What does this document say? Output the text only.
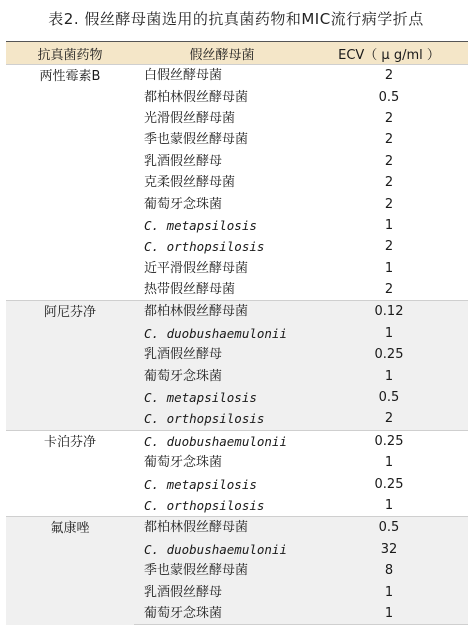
表2. 假丝酵母菌选用的抗真菌药物和MIC流行病学折点
抗真菌药物	假丝酵母菌	ECV（ μ g/ml ）
两性霉素B	白假丝酵母菌	2
	都柏林假丝酵母菌	0.5
	光滑假丝酵母菌	2
	季也蒙假丝酵母菌	2
	乳酒假丝酵母	2
	克柔假丝酵母菌	2
	葡萄牙念珠菌	2
	C. metapsilosis	1
	C. orthopsilosis	2
	近平滑假丝酵母菌	1
	热带假丝酵母菌	2
阿尼芬净	都柏林假丝酵母菌	0.12
	C. duobushaemulonii	1
	乳酒假丝酵母	0.25
	葡萄牙念珠菌	1
	C. metapsilosis	0.5
	C. orthopsilosis	2
卡泊芬净	C. duobushaemulonii	0.25
	葡萄牙念珠菌	1
	C. metapsilosis	0.25
	C. orthopsilosis	1
氟康唑	都柏林假丝酵母菌	0.5
	C. duobushaemulonii	32
	季也蒙假丝酵母菌	8
	乳酒假丝酵母	1
	葡萄牙念珠菌	1
